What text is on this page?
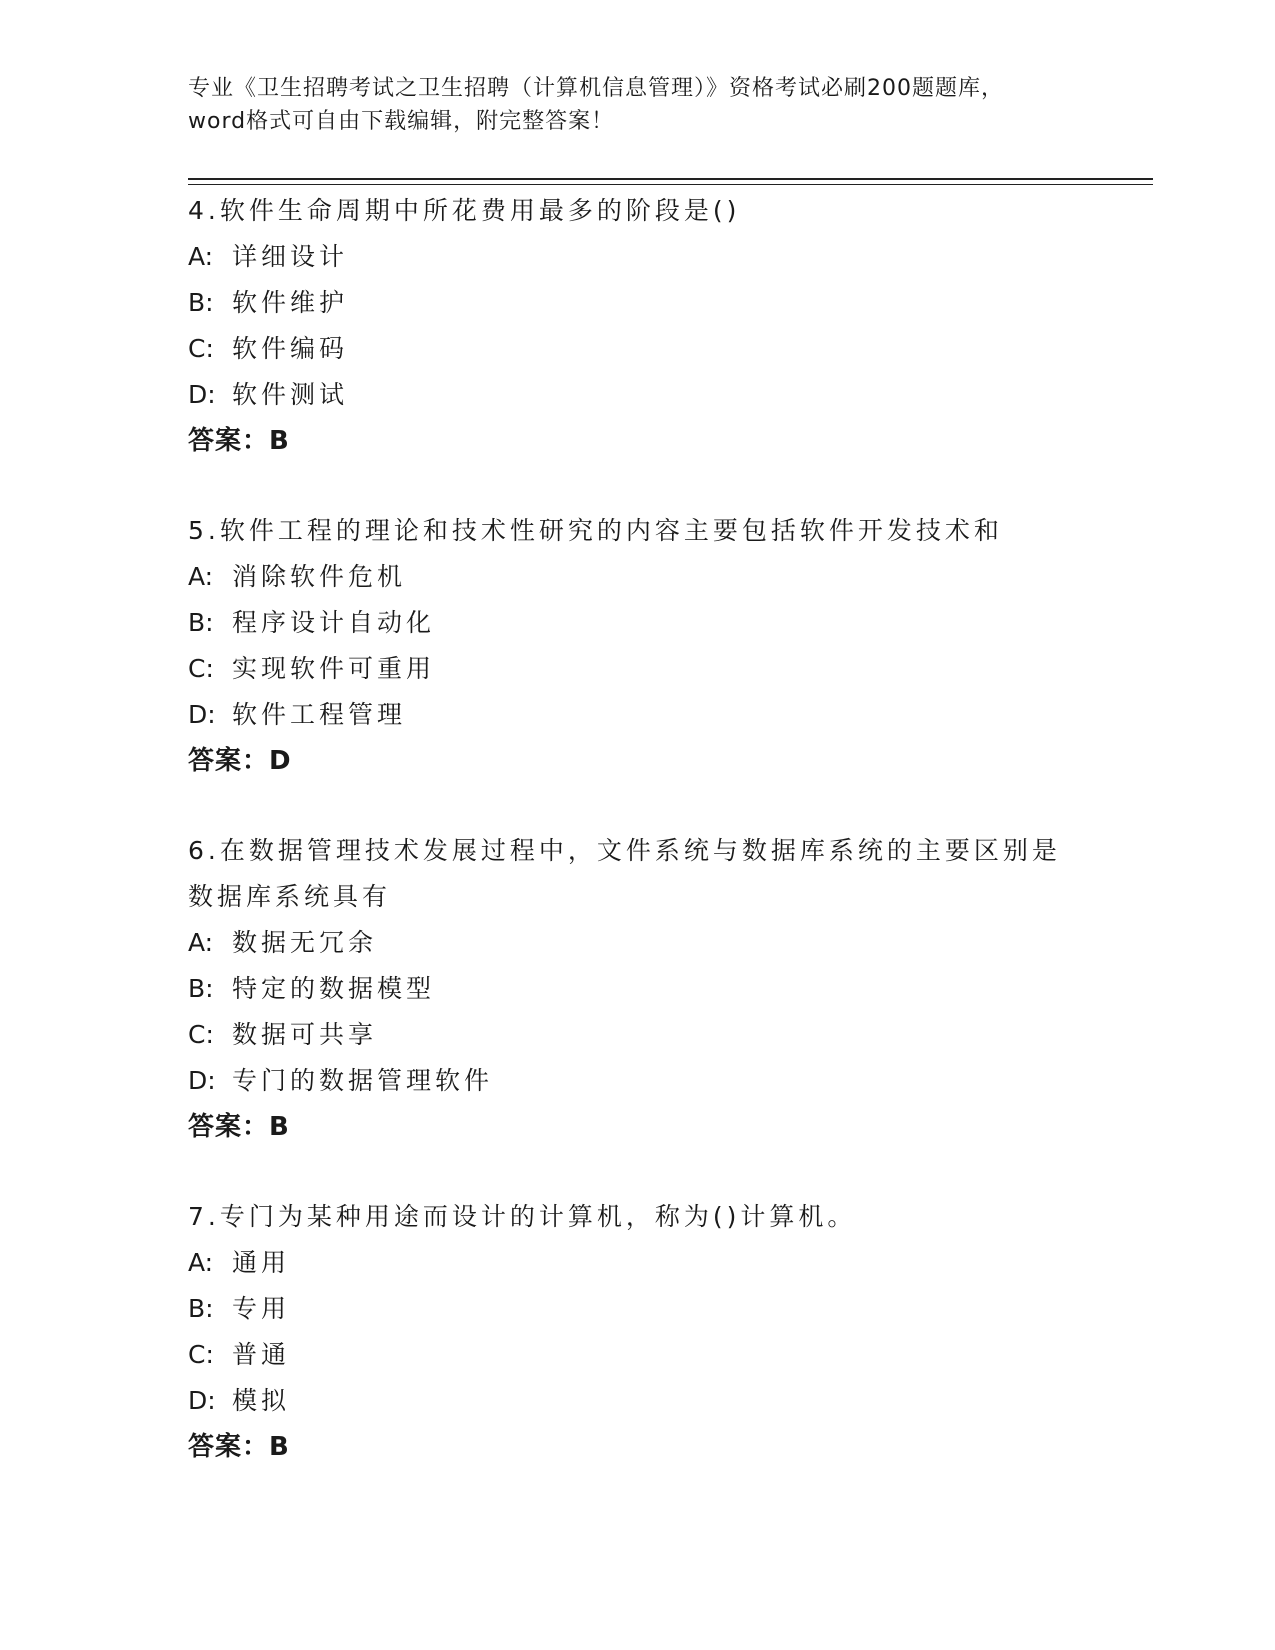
专业《卫生招聘考试之卫生招聘（计算机信息管理）》资格考试必刷200题题库，
word格式可自由下载编辑，附完整答案！
4.软件生命周期中所花费用最多的阶段是()
A: 详细设计
B: 软件维护
C: 软件编码
D: 软件测试
答案：B
5.软件工程的理论和技术性研究的内容主要包括软件开发技术和
A: 消除软件危机
B: 程序设计自动化
C: 实现软件可重用
D: 软件工程管理
答案：D
6.在数据管理技术发展过程中，文件系统与数据库系统的主要区别是数据库系统具有
A: 数据无冗余
B: 特定的数据模型
C: 数据可共享
D: 专门的数据管理软件
答案：B
7.专门为某种用途而设计的计算机，称为()计算机。
A: 通用
B: 专用
C: 普通
D: 模拟
答案：B
